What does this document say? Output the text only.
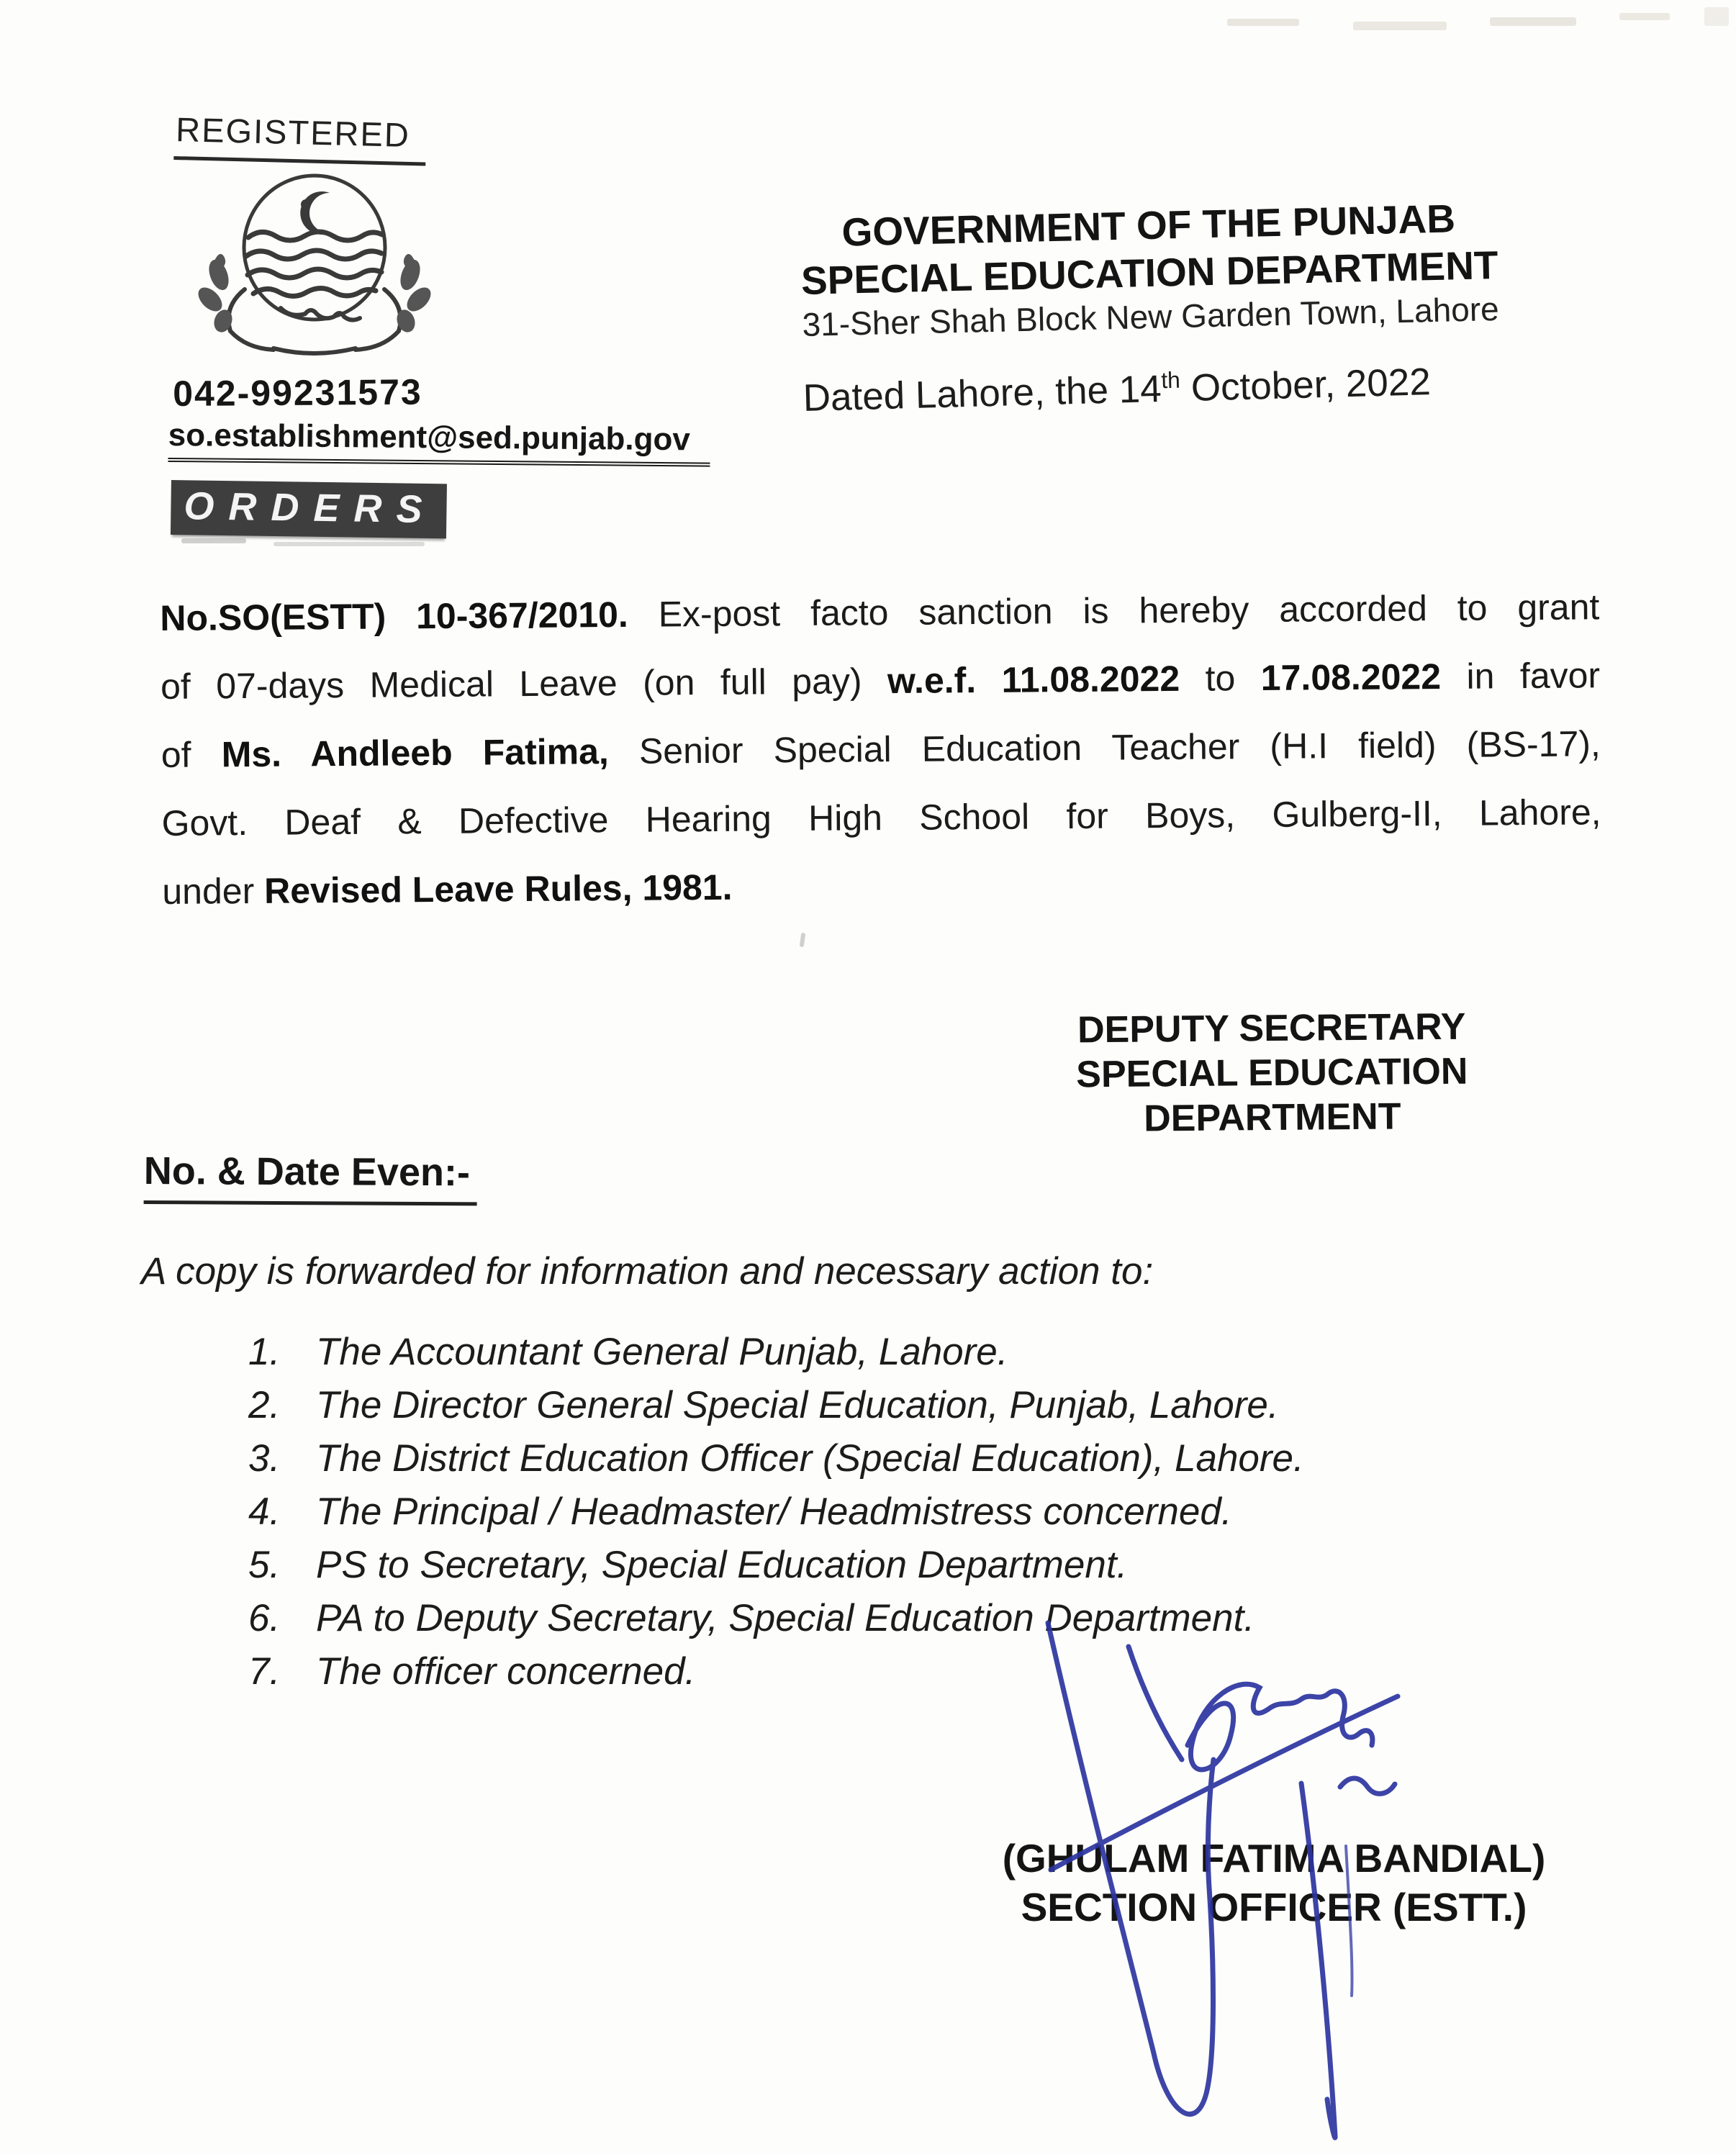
REGISTERED
GOVERNMENT OF THE PUNJAB
SPECIAL EDUCATION DEPARTMENT
31-Sher Shah Block New Garden Town, Lahore
Dated Lahore, the 14th October, 2022
042-99231573
so.establishment@sed.punjab.gov
ORDERS
No.SO(ESTT) 10-367/2010. Ex-post facto sanction is hereby accorded to grant
of 07-days Medical Leave (on full pay) w.e.f. 11.08.2022 to 17.08.2022 in favor
of Ms. Andleeb Fatima, Senior Special Education Teacher (H.I field) (BS-17),
Govt. Deaf & Defective Hearing High School for Boys, Gulberg-II, Lahore,
under Revised Leave Rules, 1981.
DEPUTY SECRETARY
SPECIAL EDUCATION
DEPARTMENT
No. & Date Even:-
A copy is forwarded for information and necessary action to:
1. The Accountant General Punjab, Lahore.
2. The Director General Special Education, Punjab, Lahore.
3. The District Education Officer (Special Education), Lahore.
4. The Principal / Headmaster/ Headmistress concerned.
5. PS to Secretary, Special Education Department.
6. PA to Deputy Secretary, Special Education Department.
7. The officer concerned.
(GHULAM FATIMA BANDIAL)
SECTION OFFICER (ESTT.)
